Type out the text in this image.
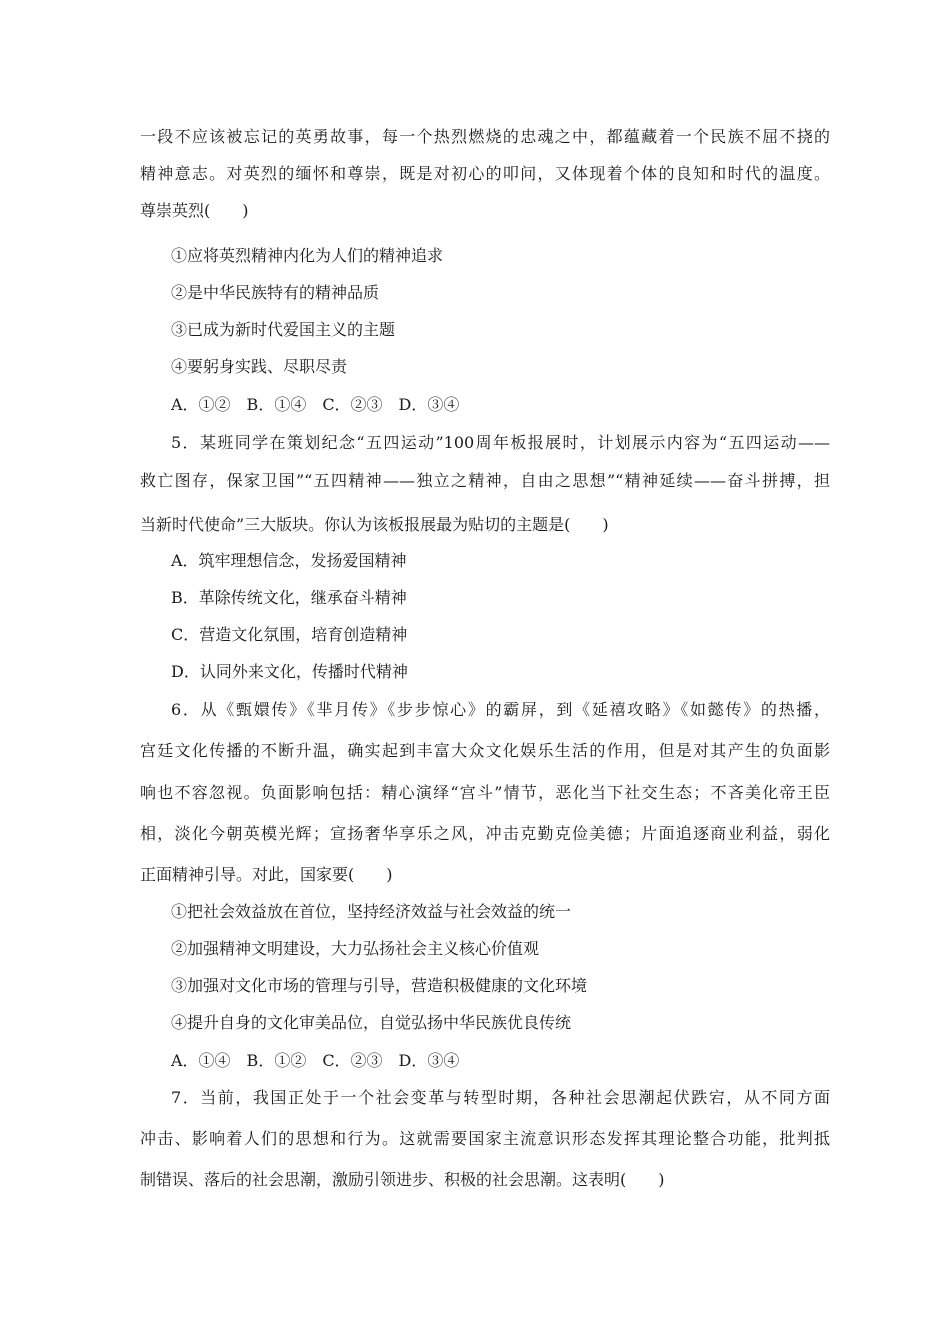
一段不应该被忘记的英勇故事，每一个热烈燃烧的忠魂之中，都蕴藏着一个民族不屈不挠的
精神意志。对英烈的缅怀和尊崇，既是对初心的叩问，又体现着个体的良知和时代的温度。
尊崇英烈(　　)
①应将英烈精神内化为人们的精神追求
②是中华民族特有的精神品质
③已成为新时代爱国主义的主题
④要躬身实践、尽职尽责
A．①②　B．①④　C．②③　D．③④
5．某班同学在策划纪念“五四运动”100周年板报展时，计划展示内容为“五四运动——
救亡图存，保家卫国”“五四精神——独立之精神，自由之思想”“精神延续——奋斗拼搏，担
当新时代使命”三大版块。你认为该板报展最为贴切的主题是(　　)
A．筑牢理想信念，发扬爱国精神
B．革除传统文化，继承奋斗精神
C．营造文化氛围，培育创造精神
D．认同外来文化，传播时代精神
6．从《甄嬛传》《芈月传》《步步惊心》的霸屏，到《延禧攻略》《如懿传》的热播，
宫廷文化传播的不断升温，确实起到丰富大众文化娱乐生活的作用，但是对其产生的负面影
响也不容忽视。负面影响包括：精心演绎“宫斗”情节，恶化当下社交生态；不吝美化帝王臣
相，淡化今朝英模光辉；宣扬奢华享乐之风，冲击克勤克俭美德；片面追逐商业利益，弱化
正面精神引导。对此，国家要(　　)
①把社会效益放在首位，坚持经济效益与社会效益的统一
②加强精神文明建设，大力弘扬社会主义核心价值观
③加强对文化市场的管理与引导，营造积极健康的文化环境
④提升自身的文化审美品位，自觉弘扬中华民族优良传统
A．①④　B．①②　C．②③　D．③④
7．当前，我国正处于一个社会变革与转型时期，各种社会思潮起伏跌宕，从不同方面
冲击、影响着人们的思想和行为。这就需要国家主流意识形态发挥其理论整合功能，批判抵
制错误、落后的社会思潮，激励引领进步、积极的社会思潮。这表明(　　)
